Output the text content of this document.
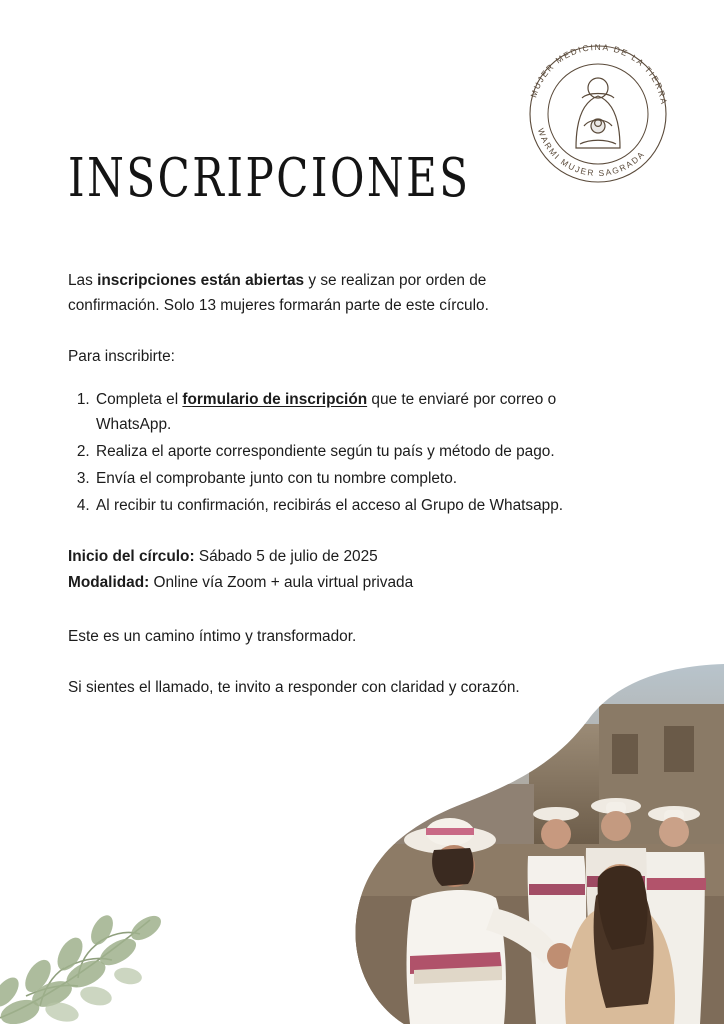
MUJER MEDICINA DE LA TIERRA
WARMI MUJER SAGRADA
INSCRIPCIONES

Las inscripciones están abiertas y se realizan por orden de confirmación. Solo 13 mujeres formarán parte de este círculo.

Para inscribirte:

1. Completa el formulario de inscripción que te enviaré por correo o WhatsApp.
2. Realiza el aporte correspondiente según tu país y método de pago.
3. Envía el comprobante junto con tu nombre completo.
4. Al recibir tu confirmación, recibirás el acceso al Grupo de Whatsapp.

Inicio del círculo: Sábado 5 de julio de 2025

Modalidad: Online vía Zoom + aula virtual privada

Este es un camino íntimo y transformador.

Si sientes el llamado, te invito a responder con claridad y corazón.
